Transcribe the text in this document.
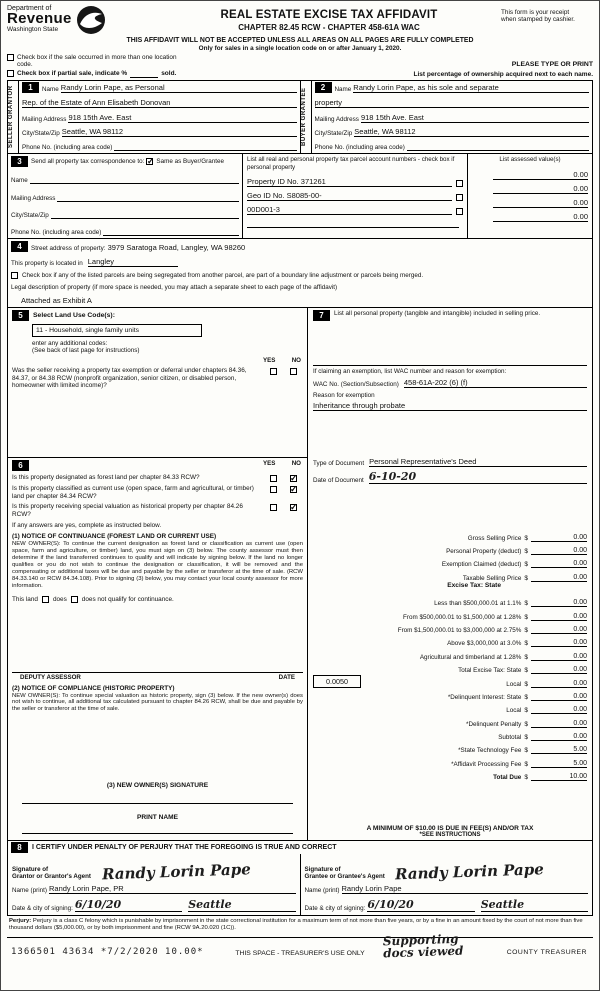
Department of
Revenue
Washington State
REAL ESTATE EXCISE TAX AFFIDAVIT
CHAPTER 82.45 RCW - CHAPTER 458-61A WAC
This form is your receipt
when stamped by cashier.
THIS AFFIDAVIT WILL NOT BE ACCEPTED UNLESS ALL AREAS ON ALL PAGES ARE FULLY COMPLETED
Only for sales in a single location code on or after January 1, 2020.
Check box if the sale occurred in more than one location code.	PLEASE TYPE OR PRINT
Check box if partial sale, indicate %	sold.	List percentage of ownership acquired next to each name.
SELLER GRANTOR	1	Name Randy Lorin Pape, as Personal
Rep. of the Estate of Ann Elisabeth Donovan
Mailing Address 918 15th Ave. East
City/State/Zip Seattle, WA 98112
Phone No. (including area code)
BUYER GRANTEE
2	Name Randy Lorin Pape, as his sole and separate
property
Mailing Address 918 15th Ave. East
City/State/Zip Seattle, WA 98112
Phone No. (including area code)
3	Send all property tax correspondence to: ✓ Same as Buyer/Grantee
Name
Mailing Address
City/State/Zip
Phone No. (including area code)
List all real and personal property tax parcel account numbers - check box if personal property
Property ID No. 371261
Geo ID No. S8085-00-
00D001-3
List assessed value(s)
0.00
0.00
0.00
0.00
4	Street address of property: 3979 Saratoga Road, Langley, WA 98260
This property is located in Langley
Check box if any of the listed parcels are being segregated from another parcel, are part of a boundary line adjustment or parcels being merged.
Legal description of property (if more space is needed, you may attach a separate sheet to each page of the affidavit)
Attached as Exhibit A
5	Select Land Use Code(s):
11 - Household, single family units
enter any additional codes:
(See back of last page for instructions)
YES	NO
Was the seller receiving a property tax exemption or deferral under chapters 84.36, 84.37, or 84.38 RCW (nonprofit organization, senior citizen, or disabled person, homeowner with limited income)?
6	YES	NO
Is this property designated as forest land per chapter 84.33 RCW?
✓
Is this property classified as current use (open space, farm and agricultural, or timber) land per chapter 84.34 RCW?
✓
Is this property receiving special valuation as historical property per chapter 84.26 RCW?
✓
If any answers are yes, complete as instructed below.
(1) NOTICE OF CONTINUANCE (FOREST LAND OR CURRENT USE)
NEW OWNER(S): To continue the current designation as forest land or classification as current use (open space, farm and agriculture, or timber) land, you must sign on (3) below. The county assessor must then determine if the land transferred continues to qualify and will indicate by signing below. If the land no longer qualifies or you do not wish to continue the designation or classification, it will be removed and the compensating or additional taxes will be due and payable by the seller or transferor at the time of sale. (RCW 84.33.140 or RCW 84.34.108). Prior to signing (3) below, you may contact your local county assessor for more information.
This land does does not qualify for continuance.
DEPUTY ASSESSOR	DATE
(2) NOTICE OF COMPLIANCE (HISTORIC PROPERTY)
NEW OWNER(S): To continue special valuation as historic property, sign (3) below. If the new owner(s) does not wish to continue, all additional tax calculated pursuant to chapter 84.26 RCW, shall be due and payable by the seller or transferor at the time of sale.
(3) NEW OWNER(S) SIGNATURE
PRINT NAME
7	List all personal property (tangible and intangible) included in selling price.
If claiming an exemption, list WAC number and reason for exemption:
WAC No. (Section/Subsection) 458-61A-202 (6) (f)
Reason for exemption
Inheritance through probate
Type of Document Personal Representative's Deed
Date of Document 6-10-20
Gross Selling Price $	0.00
Personal Property (deduct) $	0.00
Exemption Claimed (deduct) $	0.00
Taxable Selling Price $	0.00
Excise Tax: State
Less than $500,000.01 at 1.1% $	0.00
From $500,000.01 to $1,500,000 at 1.28% $	0.00
From $1,500,000.01 to $3,000,000 at 2.75% $	0.00
Above $3,000,000 at 3.0% $	0.00
Agricultural and timberland at 1.28% $	0.00
Total Excise Tax: State $	0.00
0.0050	Local $	0.00
*Delinquent Interest: State $	0.00
Local $	0.00
*Delinquent Penalty $	0.00
Subtotal $	0.00
*State Technology Fee $	5.00
*Affidavit Processing Fee $	5.00
Total Due $	10.00
A MINIMUM OF $10.00 IS DUE IN FEE(S) AND/OR TAX
*SEE INSTRUCTIONS
8	I CERTIFY UNDER PENALTY OF PERJURY THAT THE FOREGOING IS TRUE AND CORRECT
Signature of
Grantor or Grantor's Agent Randy Lorin Pape
Name (print) Randy Lorin Pape, PR
Date & city of signing: 6/10/20	Seattle
Signature of
Grantee or Grantee's Agent Randy Lorin Pape
Name (print) Randy Lorin Pape
Date & city of signing: 6/10/20	Seattle
Perjury: Perjury is a class C felony which is punishable by imprisonment in the state correctional institution for a maximum term of not more than five years, or by a fine in an amount fixed by the court of not more than five thousand dollars ($5,000.00), or by both imprisonment and fine (RCW 9A.20.020 (1C)).
1366501 43634 *7/2/2020 10.00*	THIS SPACE - TREASURER'S USE ONLY
Supporting
docs viewed	COUNTY TREASURER
